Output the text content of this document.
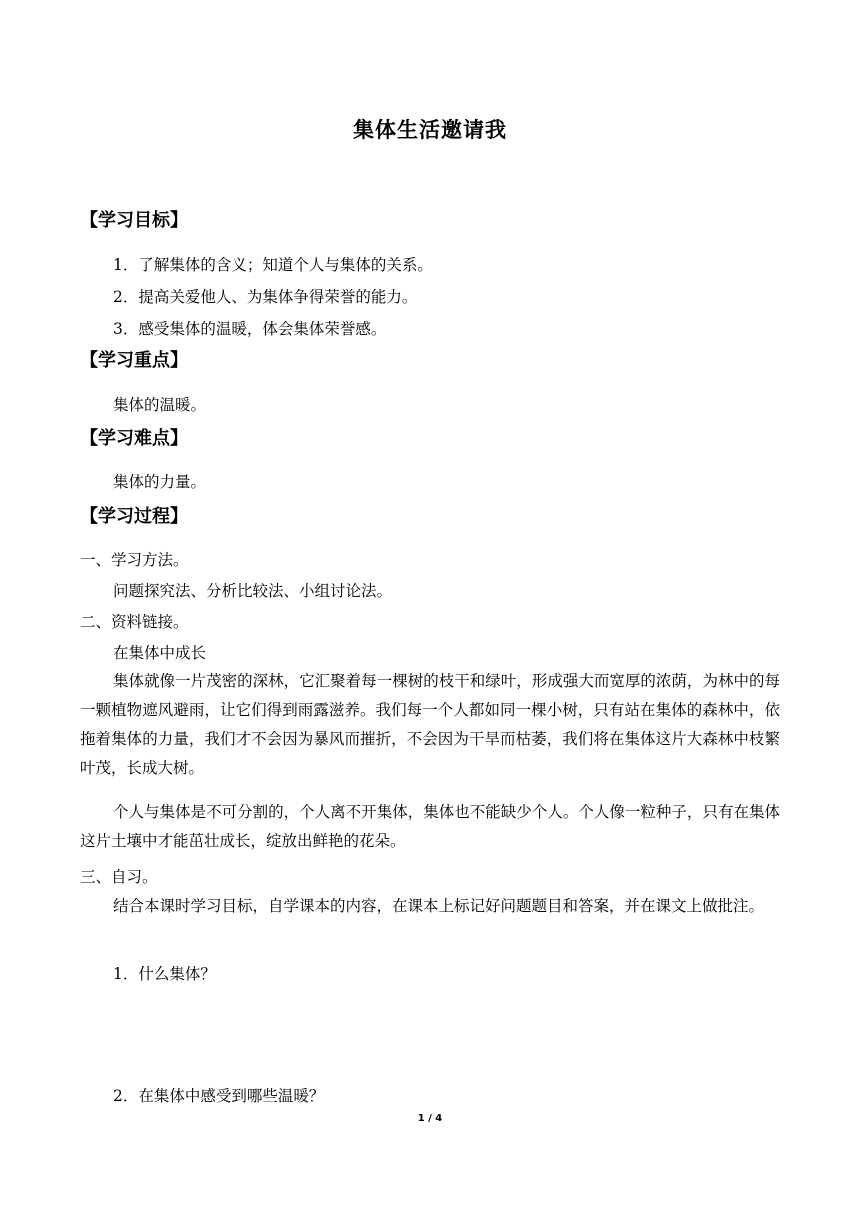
集体生活邀请我
【学习目标】
1．了解集体的含义；知道个人与集体的关系。
2．提高关爱他人、为集体争得荣誉的能力。
3．感受集体的温暖，体会集体荣誉感。
【学习重点】
集体的温暖。
【学习难点】
集体的力量。
【学习过程】
一、学习方法。
问题探究法、分析比较法、小组讨论法。
二、资料链接。
在集体中成长
集体就像一片茂密的深林，它汇聚着每一棵树的枝干和绿叶，形成强大而宽厚的浓荫，为林中的每一颗植物遮风避雨，让它们得到雨露滋养。我们每一个人都如同一棵小树，只有站在集体的森林中，依拖着集体的力量，我们才不会因为暴风而摧折，不会因为干旱而枯萎，我们将在集体这片大森林中枝繁叶茂，长成大树。
个人与集体是不可分割的，个人离不开集体，集体也不能缺少个人。个人像一粒种子，只有在集体这片土壤中才能茁壮成长，绽放出鲜艳的花朵。
三、自习。
结合本课时学习目标，自学课本的内容，在课本上标记好问题题目和答案，并在课文上做批注。
1．什么集体？
2．在集体中感受到哪些温暖？
1 / 4
